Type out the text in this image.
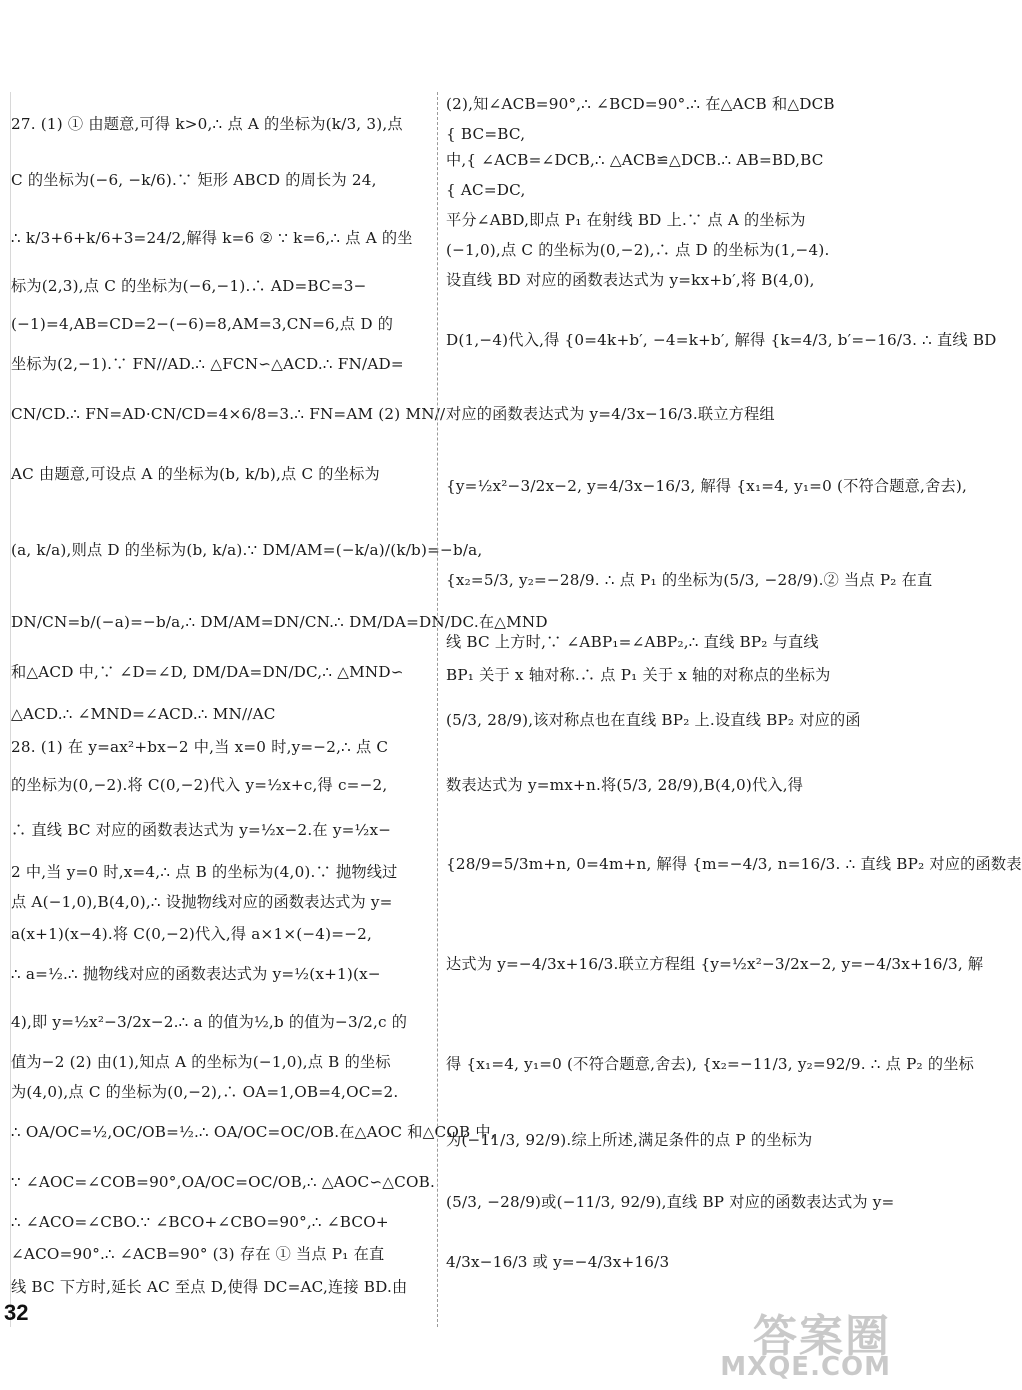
27. (1) ① 由题意,可得 k>0,∴ 点 A 的坐标为(k/3, 3),点
C 的坐标为(−6, −k/6).∵ 矩形 ABCD 的周长为 24,
∴ k/3+6+k/6+3=24/2,解得 k=6 ② ∵ k=6,∴ 点 A 的坐
标为(2,3),点 C 的坐标为(−6,−1).∴ AD=BC=3−
(−1)=4,AB=CD=2−(−6)=8,AM=3,CN=6,点 D 的
坐标为(2,−1).∵ FN//AD.∴ △FCN∽△ACD.∴ FN/AD=
CN/CD.∴ FN=AD·CN/CD=4×6/8=3.∴ FN=AM (2) MN//
AC 由题意,可设点 A 的坐标为(b, k/b),点 C 的坐标为
(a, k/a),则点 D 的坐标为(b, k/a).∵ DM/AM=(−k/a)/(k/b)=−b/a,
DN/CN=b/(−a)=−b/a,∴ DM/AM=DN/CN.∴ DM/DA=DN/DC.在△MND
和△ACD 中,∵ ∠D=∠D, DM/DA=DN/DC,∴ △MND∽
△ACD.∴ ∠MND=∠ACD.∴ MN//AC
28. (1) 在 y=ax²+bx−2 中,当 x=0 时,y=−2,∴ 点 C
的坐标为(0,−2).将 C(0,−2)代入 y=½x+c,得 c=−2,
∴ 直线 BC 对应的函数表达式为 y=½x−2.在 y=½x−
2 中,当 y=0 时,x=4,∴ 点 B 的坐标为(4,0).∵ 抛物线过
点 A(−1,0),B(4,0),∴ 设抛物线对应的函数表达式为 y=
a(x+1)(x−4).将 C(0,−2)代入,得 a×1×(−4)=−2,
∴ a=½.∴ 抛物线对应的函数表达式为 y=½(x+1)(x−
4),即 y=½x²−3/2x−2.∴ a 的值为½,b 的值为−3/2,c 的
值为−2 (2) 由(1),知点 A 的坐标为(−1,0),点 B 的坐标
为(4,0),点 C 的坐标为(0,−2),∴ OA=1,OB=4,OC=2.
∴ OA/OC=½,OC/OB=½.∴ OA/OC=OC/OB.在△AOC 和△COB 中,
∵ ∠AOC=∠COB=90°,OA/OC=OC/OB,∴ △AOC∽△COB.
∴ ∠ACO=∠CBO.∵ ∠BCO+∠CBO=90°,∴ ∠BCO+
∠ACO=90°.∴ ∠ACB=90° (3) 存在 ① 当点 P₁ 在直
线 BC 下方时,延长 AC 至点 D,使得 DC=AC,连接 BD.由
(2),知∠ACB=90°,∴ ∠BCD=90°.∴ 在△ACB 和△DCB
{ BC=BC,
中,{ ∠ACB=∠DCB,∴ △ACB≌△DCB.∴ AB=BD,BC
{ AC=DC,
平分∠ABD,即点 P₁ 在射线 BD 上.∵ 点 A 的坐标为
(−1,0),点 C 的坐标为(0,−2),∴ 点 D 的坐标为(1,−4).
设直线 BD 对应的函数表达式为 y=kx+b′,将 B(4,0),
D(1,−4)代入,得 {0=4k+b′, −4=k+b′, 解得 {k=4/3, b′=−16/3. ∴ 直线 BD
对应的函数表达式为 y=4/3x−16/3.联立方程组
{y=½x²−3/2x−2, y=4/3x−16/3, 解得 {x₁=4, y₁=0 (不符合题意,舍去),
{x₂=5/3, y₂=−28/9. ∴ 点 P₁ 的坐标为(5/3, −28/9).② 当点 P₂ 在直
线 BC 上方时,∵ ∠ABP₁=∠ABP₂,∴ 直线 BP₂ 与直线
BP₁ 关于 x 轴对称.∴ 点 P₁ 关于 x 轴的对称点的坐标为
(5/3, 28/9),该对称点也在直线 BP₂ 上.设直线 BP₂ 对应的函
数表达式为 y=mx+n.将(5/3, 28/9),B(4,0)代入,得
{28/9=5/3m+n, 0=4m+n, 解得 {m=−4/3, n=16/3. ∴ 直线 BP₂ 对应的函数表
达式为 y=−4/3x+16/3.联立方程组 {y=½x²−3/2x−2, y=−4/3x+16/3, 解
得 {x₁=4, y₁=0 (不符合题意,舍去), {x₂=−11/3, y₂=92/9. ∴ 点 P₂ 的坐标
为(−11/3, 92/9).综上所述,满足条件的点 P 的坐标为
(5/3, −28/9)或(−11/3, 92/9),直线 BP 对应的函数表达式为 y=
4/3x−16/3 或 y=−4/3x+16/3
32	答案圈
MXQE.COM
